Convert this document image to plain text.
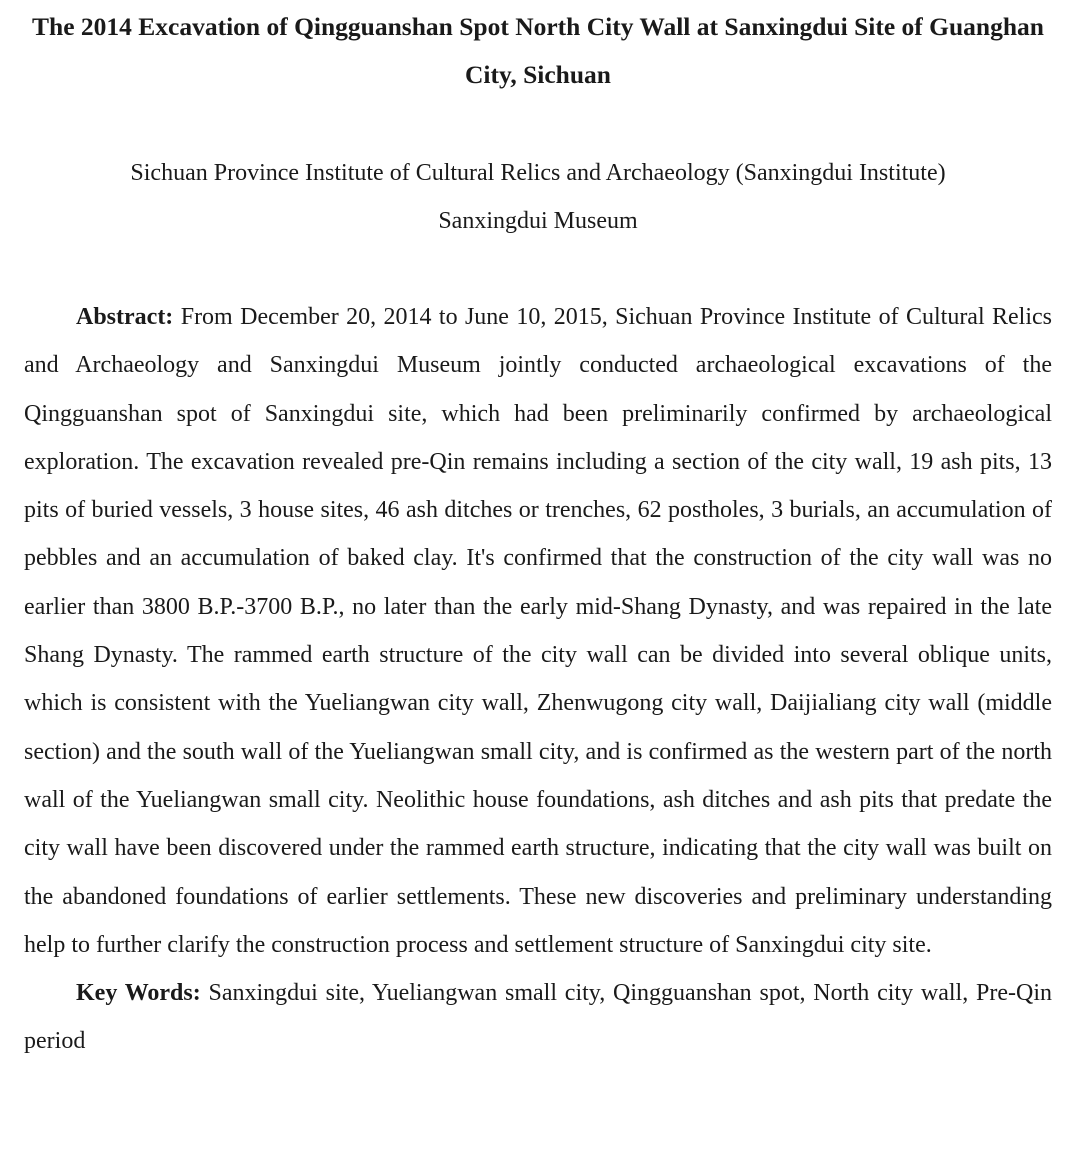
The 2014 Excavation of Qingguanshan Spot North City Wall at Sanxingdui Site of Guanghan City, Sichuan
Sichuan Province Institute of Cultural Relics and Archaeology (Sanxingdui Institute)
Sanxingdui Museum

Abstract: From December 20, 2014 to June 10, 2015, Sichuan Province Institute of Cultural Relics and Archaeology and Sanxingdui Museum jointly conducted archaeological excavations of the Qingguanshan spot of Sanxingdui site, which had been preliminarily confirmed by archaeological exploration. The excavation revealed pre-Qin remains including a section of the city wall, 19 ash pits, 13 pits of buried vessels, 3 house sites, 46 ash ditches or trenches, 62 postholes, 3 burials, an accumulation of pebbles and an accumulation of baked clay. It's confirmed that the construction of the city wall was no earlier than 3800 B.P.-3700 B.P., no later than the early mid-Shang Dynasty, and was repaired in the late Shang Dynasty. The rammed earth structure of the city wall can be divided into several oblique units, which is consistent with the Yueliangwan city wall, Zhenwugong city wall, Daijialiang city wall (middle section) and the south wall of the Yueliangwan small city, and is confirmed as the western part of the north wall of the Yueliangwan small city. Neolithic house foundations, ash ditches and ash pits that predate the city wall have been discovered under the rammed earth structure, indicating that the city wall was built on the abandoned foundations of earlier settlements. These new discoveries and preliminary understanding help to further clarify the construction process and settlement structure of Sanxingdui city site.

Key Words: Sanxingdui site, Yueliangwan small city, Qingguanshan spot, North city wall, Pre-Qin period
